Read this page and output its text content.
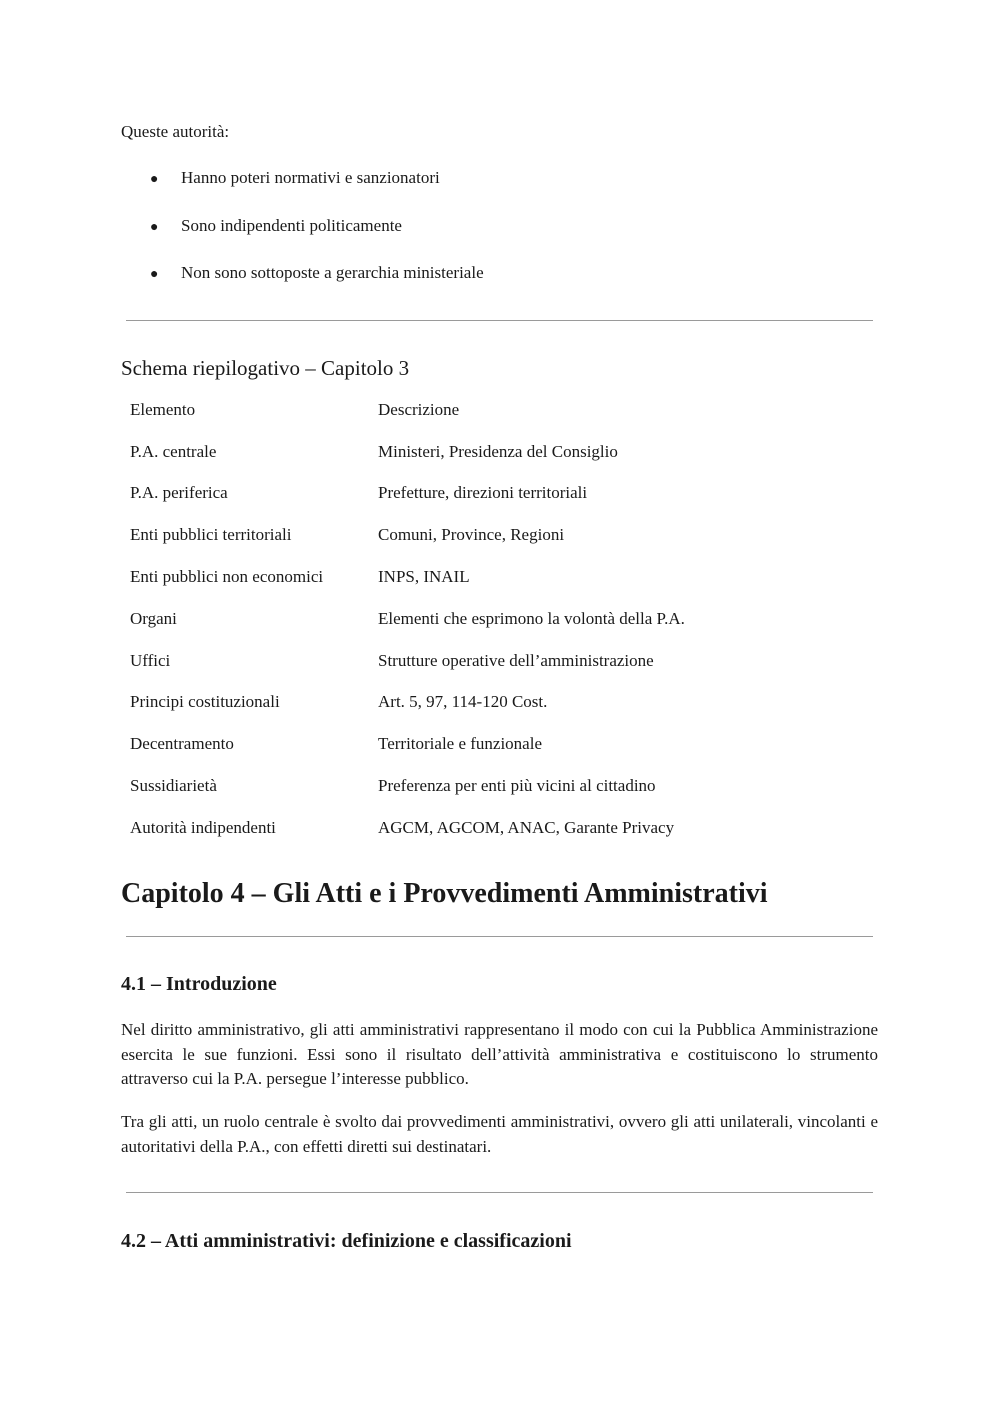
Queste autorità:
● Hanno poteri normativi e sanzionatori
● Sono indipendenti politicamente
● Non sono sottoposte a gerarchia ministeriale
Schema riepilogativo – Capitolo 3
Elemento	Descrizione
P.A. centrale	Ministeri, Presidenza del Consiglio
P.A. periferica	Prefetture, direzioni territoriali
Enti pubblici territoriali	Comuni, Province, Regioni
Enti pubblici non economici	INPS, INAIL
Organi	Elementi che esprimono la volontà della P.A.
Uffici	Strutture operative dell’amministrazione
Principi costituzionali	Art. 5, 97, 114-120 Cost.
Decentramento	Territoriale e funzionale
Sussidiarietà	Preferenza per enti più vicini al cittadino
Autorità indipendenti	AGCM, AGCOM, ANAC, Garante Privacy
Capitolo 4 – Gli Atti e i Provvedimenti Amministrativi
4.1 – Introduzione

Nel diritto amministrativo, gli atti amministrativi rappresentano il modo con cui la Pubblica Amministrazione esercita le sue funzioni. Essi sono il risultato dell’attività amministrativa e costituiscono lo strumento attraverso cui la P.A. persegue l’interesse pubblico.

Tra gli atti, un ruolo centrale è svolto dai provvedimenti amministrativi, ovvero gli atti unilaterali, vincolanti e autoritativi della P.A., con effetti diretti sui destinatari.

4.2 – Atti amministrativi: definizione e classificazioni
